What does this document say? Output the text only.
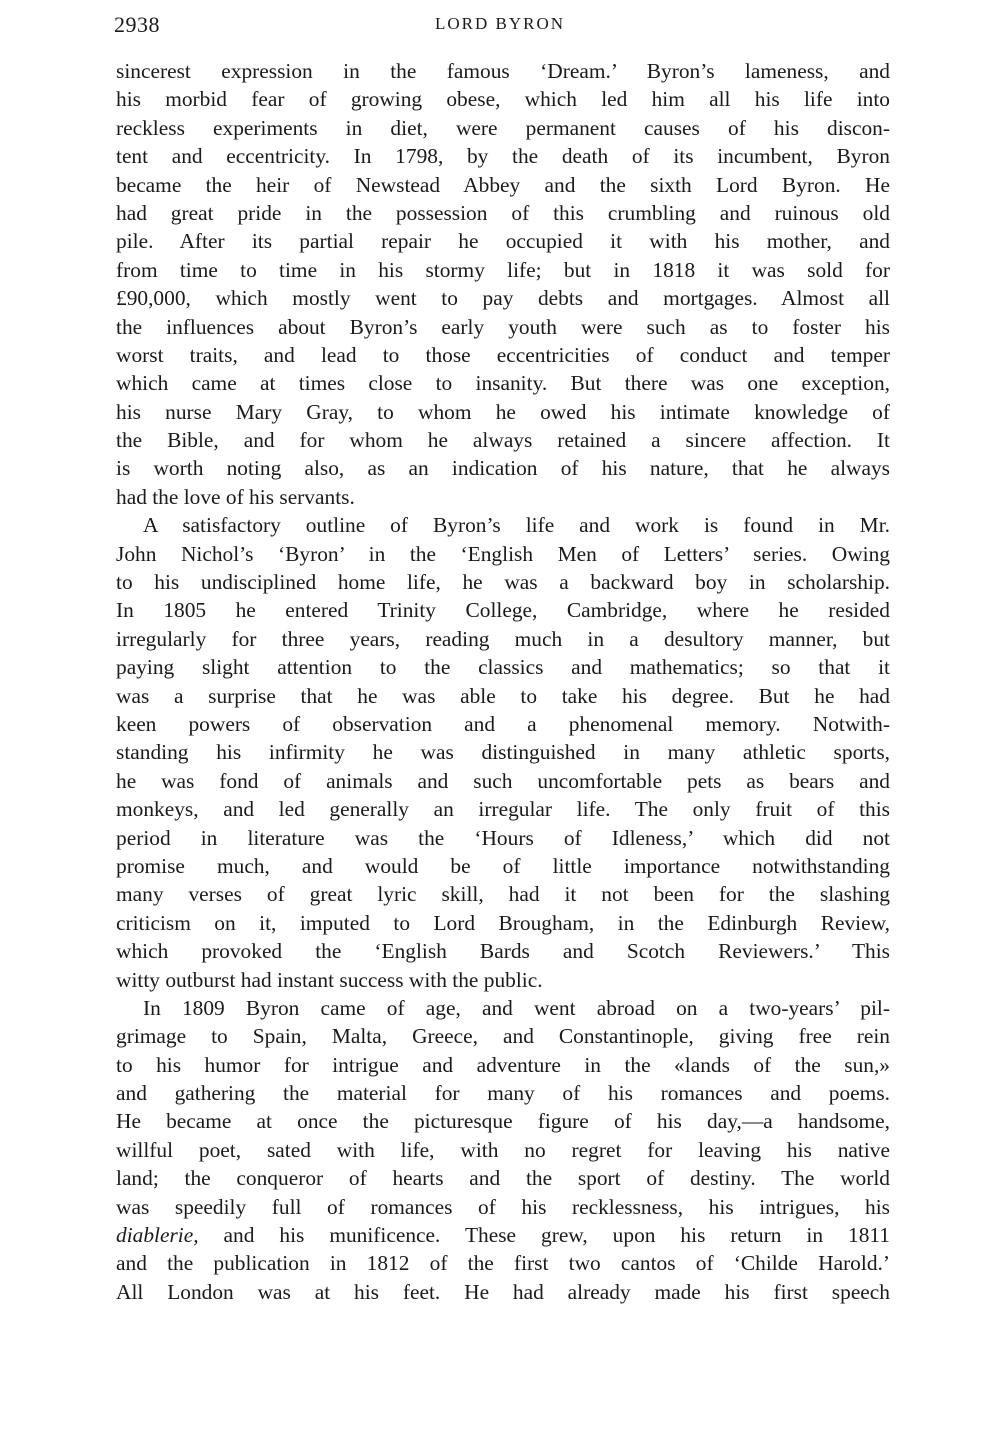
2938	LORD BYRON
sincerest expression in the famous ‘Dream.’ Byron’s lameness, and
his morbid fear of growing obese, which led him all his life into
reckless experiments in diet, were permanent causes of his discon-
tent and eccentricity. In 1798, by the death of its incumbent, Byron
became the heir of Newstead Abbey and the sixth Lord Byron. He
had great pride in the possession of this crumbling and ruinous old
pile. After its partial repair he occupied it with his mother, and
from time to time in his stormy life; but in 1818 it was sold for
£90,000, which mostly went to pay debts and mortgages. Almost all
the influences about Byron’s early youth were such as to foster his
worst traits, and lead to those eccentricities of conduct and temper
which came at times close to insanity. But there was one exception,
his nurse Mary Gray, to whom he owed his intimate knowledge of
the Bible, and for whom he always retained a sincere affection. It
is worth noting also, as an indication of his nature, that he always
had the love of his servants.
A satisfactory outline of Byron’s life and work is found in Mr.
John Nichol’s ‘Byron’ in the ‘English Men of Letters’ series. Owing
to his undisciplined home life, he was a backward boy in scholarship.
In 1805 he entered Trinity College, Cambridge, where he resided
irregularly for three years, reading much in a desultory manner, but
paying slight attention to the classics and mathematics; so that it
was a surprise that he was able to take his degree. But he had
keen powers of observation and a phenomenal memory. Notwith-
standing his infirmity he was distinguished in many athletic sports,
he was fond of animals and such uncomfortable pets as bears and
monkeys, and led generally an irregular life. The only fruit of this
period in literature was the ‘Hours of Idleness,’ which did not
promise much, and would be of little importance notwithstanding
many verses of great lyric skill, had it not been for the slashing
criticism on it, imputed to Lord Brougham, in the Edinburgh Review,
which provoked the ‘English Bards and Scotch Reviewers.’ This
witty outburst had instant success with the public.
In 1809 Byron came of age, and went abroad on a two-years’ pil-
grimage to Spain, Malta, Greece, and Constantinople, giving free rein
to his humor for intrigue and adventure in the «lands of the sun,»
and gathering the material for many of his romances and poems.
He became at once the picturesque figure of his day,—a handsome,
willful poet, sated with life, with no regret for leaving his native
land; the conqueror of hearts and the sport of destiny. The world
was speedily full of romances of his recklessness, his intrigues, his
diablerie, and his munificence. These grew, upon his return in 1811
and the publication in 1812 of the first two cantos of ‘Childe Harold.’
All London was at his feet. He had already made his first speech
